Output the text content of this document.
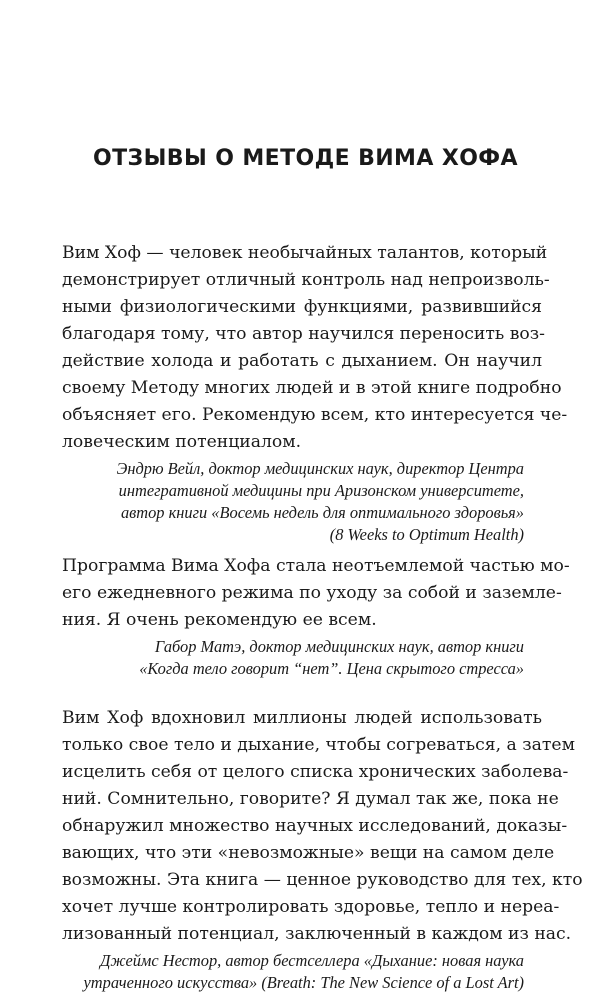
ОТЗЫВЫ О МЕТОДЕ ВИМА ХОФА
Вим Хоф — человек необычайных талантов, который
демонстрирует отличный контроль над непроизволь-
ными физиологическими функциями, развившийся
благодаря тому, что автор научился переносить воз-
действие холода и работать с дыханием. Он научил
своему Методу многих людей и в этой книге подробно
объясняет его. Рекомендую всем, кто интересуется че-
ловеческим потенциалом.
Эндрю Вейл, доктор медицинских наук, директор Центра
интегративной медицины при Аризонском университете,
автор книги «Восемь недель для оптимального здоровья»
(8 Weeks to Optimum Health)
Программа Вима Хофа стала неотъемлемой частью мо-
его ежедневного режима по уходу за собой и заземле-
ния. Я очень рекомендую ее всем.
Габор Матэ, доктор медицинских наук, автор книги
«Когда тело говорит “нет”. Цена скрытого стресса»
Вим Хоф вдохновил миллионы людей использовать
только свое тело и дыхание, чтобы согреваться, а затем
исцелить себя от целого списка хронических заболева-
ний. Сомнительно, говорите? Я думал так же, пока не
обнаружил множество научных исследований, доказы-
вающих, что эти «невозможные» вещи на самом деле
возможны. Эта книга — ценное руководство для тех, кто
хочет лучше контролировать здоровье, тепло и нереа-
лизованный потенциал, заключенный в каждом из нас.
Джеймс Нестор, автор бестселлера «Дыхание: новая наука
утраченного искусства» (Breath: The New Science of a Lost Art)
